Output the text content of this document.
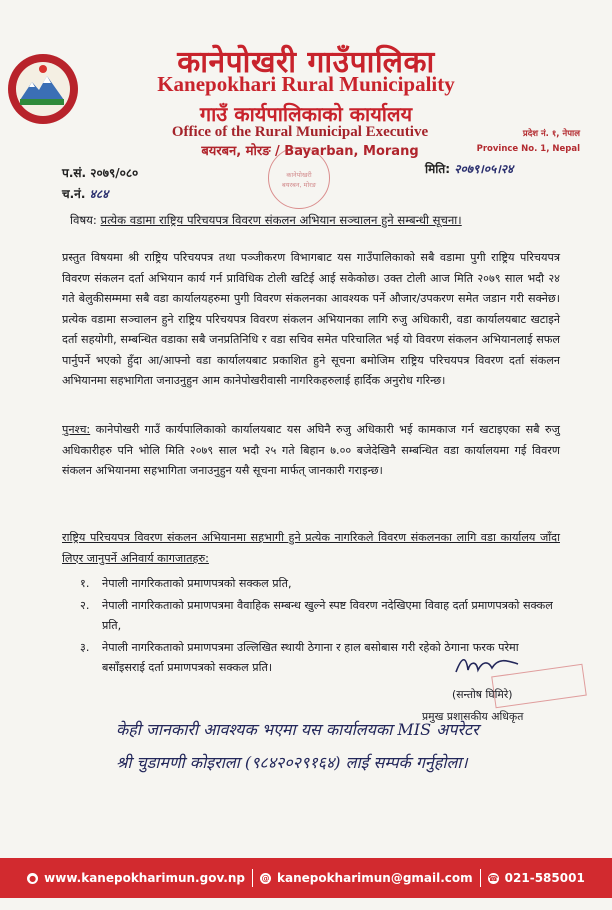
कानेपोखरी गाउँपालिका
Kanepokhari Rural Municipality
गाउँ कार्यपालिकाको कार्यालय
Office of the Rural Municipal Executive
बयरबन, मोरङ / Bayarban, Morang
प्रदेश नं. १, नेपाल
Province No. 1, Nepal
कानेपोखरी
बयरबन, मोरङ
प.सं. २०७९/०८०
च.नं. ४८४
मिति: २०७९।०५।२४
विषय: प्रत्येक वडामा राष्ट्रिय परिचयपत्र विवरण संकलन अभियान सञ्चालन हुने सम्बन्धी सूचना।

प्रस्तुत विषयमा श्री राष्ट्रिय परिचयपत्र तथा पञ्जीकरण विभागबाट यस गाउँपालिकाको सबै वडामा पुगी राष्ट्रिय परिचयपत्र विवरण संकलन दर्ता अभियान कार्य गर्न प्राविधिक टोली खटिई आई सकेकोछ। उक्त टोली आज मिति २०७९ साल भदौ २४ गते बेलुकीसम्ममा सबै वडा कार्यालयहरुमा पुगी विवरण संकलनका आवश्यक पर्ने औजार/उपकरण समेत जडान गरी सक्नेछ। प्रत्येक वडामा सञ्चालन हुने राष्ट्रिय परिचयपत्र विवरण संकलन अभियानका लागि रुजु अधिकारी, वडा कार्यालयबाट खटाइने दर्ता सहयोगी, सम्बन्धित वडाका सबै जनप्रतिनिधि र वडा सचिव समेत परिचालित भई यो विवरण संकलन अभियानलाई सफल पार्नुपर्ने भएको हुँदा आ/आफ्नो वडा कार्यालयबाट प्रकाशित हुने सूचना बमोजिम राष्ट्रिय परिचयपत्र विवरण दर्ता संकलन अभियानमा सहभागिता जनाउनुहुन आम कानेपोखरीवासी नागरिकहरुलाई हार्दिक अनुरोध गरिन्छ।

पुनश्च: कानेपोखरी गाउँ कार्यपालिकाको कार्यालयबाट यस अघिनै रुजु अधिकारी भई कामकाज गर्न खटाइएका सबै रुजु अधिकारीहरु पनि भोलि मिति २०७९ साल भदौ २५ गते बिहान ७.०० बजेदेखिनै सम्बन्धित वडा कार्यालयमा गई विवरण संकलन अभियानमा सहभागिता जनाउनुहुन यसै सूचना मार्फत् जानकारी गराइन्छ।

राष्ट्रिय परिचयपत्र विवरण संकलन अभियानमा सहभागी हुने प्रत्येक नागरिकले विवरण संकलनका लागि वडा कार्यालय जाँदा लिएर जानुपर्ने अनिवार्य कागजातहरु:

१.	नेपाली नागरिकताको प्रमाणपत्रको सक्कल प्रति,
२.	नेपाली नागरिकताको प्रमाणपत्रमा वैवाहिक सम्बन्ध खुल्ने स्पष्ट विवरण नदेखिएमा विवाह दर्ता प्रमाणपत्रको सक्कल प्रति,
३.	नेपाली नागरिकताको प्रमाणपत्रमा उल्लिखित स्थायी ठेगाना र हाल बसोबास गरी रहेको ठेगाना फरक परेमा बसाँइसराई दर्ता प्रमाणपत्रको सक्कल प्रति।
(सन्तोष घिमिरे)
प्रमुख प्रशासकीय अधिकृत
केही जानकारी आवश्यक भएमा यस कार्यालयका MIS अपरेटर
श्री चुडामणी कोइराला (९८४२०२९१६४) लाई सम्पर्क गर्नुहोला।
● www.kanepokharimun.gov.np @ kanepokharimun@gmail.com ☎ 021-585001
